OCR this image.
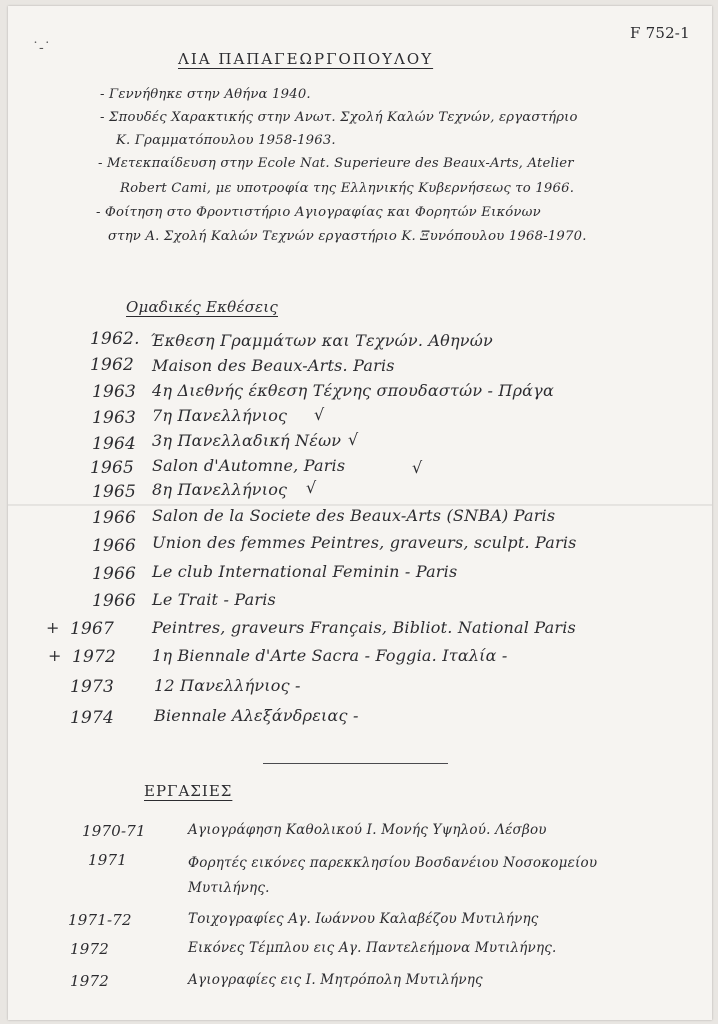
˙-˙
F 752-1
ΛΙΑ ΠΑΠΑΓΕΩΡΓΟΠΟΥΛΟΥ
- Γεννήθηκε στην Αθήνα 1940.
- Σπουδές Χαρακτικής στην Ανωτ. Σχολή Καλών Τεχνών, εργαστήριο
Κ. Γραμματόπουλου 1958-1963.
- Μετεκπαίδευση στην Ecole Nat. Superieure des Beaux-Arts, Atelier
Robert Cami, με υποτροφία της Ελληνικής Κυβερνήσεως το 1966.
- Φοίτηση στο Φροντιστήριο Αγιογραφίας και Φορητών Εικόνων
στην Α. Σχολή Καλών Τεχνών εργαστήριο Κ. Ξυνόπουλου 1968-1970.
Ομαδικές Εκθέσεις
1962. Έκθεση Γραμμάτων και Τεχνών. Αθηνών
1962 Maison des Beaux-Arts. Paris
1963 4η Διεθνής έκθεση Τέχνης σπουδαστών - Πράγα
1963 7η Πανελλήνιος √
1964 3η Πανελλαδική Νέων √
1965 Salon d'Automne, Paris	√
1965 8η Πανελλήνιος √
1966 Salon de la Societe des Beaux-Arts (SNBA) Paris
1966 Union des femmes Peintres, graveurs, sculpt. Paris
1966 Le club International Feminin - Paris
1966 Le Trait - Paris
+ 1967 Peintres, graveurs Français, Bibliot. National Paris
+ 1972 1η Biennale d'Arte Sacra - Foggia. Ιταλία -
1973 12 Πανελλήνιος -
1974 Biennale Αλεξάνδρειας -
ΕΡΓΑΣΙΕΣ
1970-71	Αγιογράφηση Καθολικού Ι. Μονής Υψηλού. Λέσβου
1971	Φορητές εικόνες παρεκκλησίου Βοσδανέιου Νοσοκομείου
Μυτιλήνης.
1971-72	Τοιχογραφίες Αγ. Ιωάννου Καλαβέζου Μυτιλήνης
1972	Εικόνες Τέμπλου εις Αγ. Παντελεήμονα Μυτιλήνης.
1972	Αγιογραφίες εις Ι. Μητρόπολη Μυτιλήνης
